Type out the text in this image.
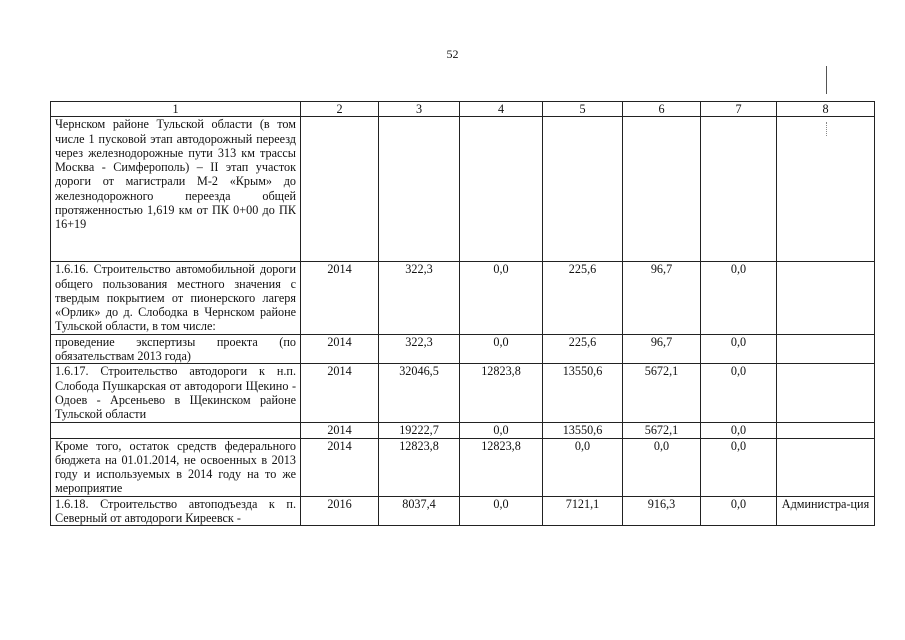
52
1	2	3	4	5	6	7	8
Чернском районе Тульской области (в том числе 1 пусковой этап автодорожный переезд через железнодорожные пути 313 км трассы Москва - Симферополь) – II этап участок дороги от магистрали М-2 «Крым» до железнодорожного переезда общей протяженностью 1,619 км от ПК 0+00 до ПК 16+19							
1.6.16. Строительство автомобильной дороги общего пользования местного значения с твердым покрытием от пионерского лагеря «Орлик» до д. Слободка в Чернском районе Тульской области, в том числе:	2014	322,3	0,0	225,6	96,7	0,0	
проведение экспертизы проекта (по обязательствам 2013 года)	2014	322,3	0,0	225,6	96,7	0,0	
1.6.17. Строительство автодороги к н.п. Слобода Пушкарская от автодороги Щекино - Одоев - Арсеньево в Щекинском районе Тульской области	2014	32046,5	12823,8	13550,6	5672,1	0,0	
	2014	19222,7	0,0	13550,6	5672,1	0,0	
Кроме того, остаток средств федерального бюджета на 01.01.2014, не освоенных в 2013 году и используемых в 2014 году на то же мероприятие	2014	12823,8	12823,8	0,0	0,0	0,0	
1.6.18. Строительство автоподъезда к п. Северный от автодороги Киреевск -	2016	8037,4	0,0	7121,1	916,3	0,0	Администра-ция
